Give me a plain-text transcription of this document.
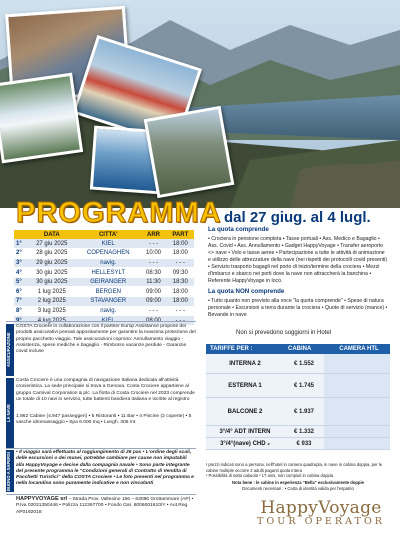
PROGRAMMA dal 27 giug. al 4 lugl.
	DATA	CITTA'	ARR	PART
1°	27 giu 2025	KIEL	- - -	18:00
2°	28 giu 2025	COPENAGHEN	10:00	18:00
3°	29 giu 2025	navig.	- - -	- - -
4°	30 giu 2025	HELLESYLT	08:30	09:30
5°	30 giu 2025	GEIRANGER	11:30	18:30
6°	1 lug 2025	BERGEN	09:00	18:00
7°	2 lug 2025	STAVANGER	09:00	18:00
8°	3 lug 2025	navig.	- - -	- - -

La quota comprende

• Crociera in pensione completa • Tasse portuali • Ass. Medico e Bagaglio • Ass. Covid • Ass. Annullamento • Gadget HappyVoyage • Transfer aeroporto <> nave • Volo e tasse aeree • Partecipazione a tutte le attività di animazione e utilizzo delle attrezzature della nave (nei rispetti dei protocolli covid presenti) • Servizio trasporto bagagli nel porto di inizio/termine della crociera • Mezzi d'imbarco e sbarco nei porti dove la nave non attraccherà la banchina • Referente HappyVoyage in loco.

La quota NON comprende

• Tutto quanto non previsto alla voce "la quota comprende" • Spese di natura personale • Escursioni a terra durante la crociera • Quote di servizio (mance) • Bevande in nave

ASSICURAZIONE
COSTA Crociere in collaborazione con il partner Europ Assistance propone dei prodotti assicurativi pensati appositamente per garantire la massima protezione del proprio pacchetto viaggio. Tale assicurazioni coprono: Annullamento viaggio - Assistenza, spese mediche e bagaglio - Rimborso vacanze perdute - Garanzie covid incluse
LA NAVE
Costa Crociere è una compagnia di navigazione Italiana dedicata all'attività crocieristica. La sede principale si trova a Genova. Costa Crociere appartiene al gruppo Carnival Corporation & plc. La flotta di Costa Crociere nel 2023 comprende un totale di 10 navi in servizio, tutte battenti bandiera italiana e iscritte al registro
1.862 Cabine (4.947 passeggeri) • 5 Ristoranti • 11 Bar • 4 Piscine (2 coperte) • 5 vasche idromassaggio • Spa 6.000 mq • Lungh. 306 mt
BUONO A SAPERSI	• Il viaggio sarà effettuato al raggiungimento di 26 pax • L'ordine degli scali, delle escursioni o dei musei, potrebbe cambiare per cause non imputabili alla HappyVoyage e decise dalla compagnia navale • Sono parte integrante del presente programma le "Condizioni generali di Contratto di Vendita di Pacchetti Turistici" della COSTA Crociere • Le foto presenti nel programma e nella locandina sono puramente indicative e non vincolanti
HAPPYVOYAGE srl – Strada Prov. Valtesino 156 – 63086 Grottammare (AP) • P.Iva 02031350446 • Polizza 112367700 • Fondo Gar. 6006001610/Y • Aut.Reg. AP0192018
Non si prevedono soggiorni in Hotel
TARIFFE PER :	CABINA	CAMERA HTL
INTERNA 2	€ 1.552
ESTERNA 1	€ 1.745
BALCONE 2	€ 1.937
3°/4° ADT INTERN	€ 1.332
3°/4°(nave) CHD ₂	€ 933
I prezzi indicati sono a persona, nell'hotel in camera quadrupla, in nave in cabina doppia, per le cabine multiple occorre 2 adulti paganti quota intera
¹ Possibilità di sotto cabuola ² 17 anni, non compiuti in cabina doppia
Nota bene : le cabine in esperienza "Bella" esclusivamente doppie
Documenti necessari : • Carta di identità valida per l'espatrio
HappyVoyage
TOUR OPERATOR
